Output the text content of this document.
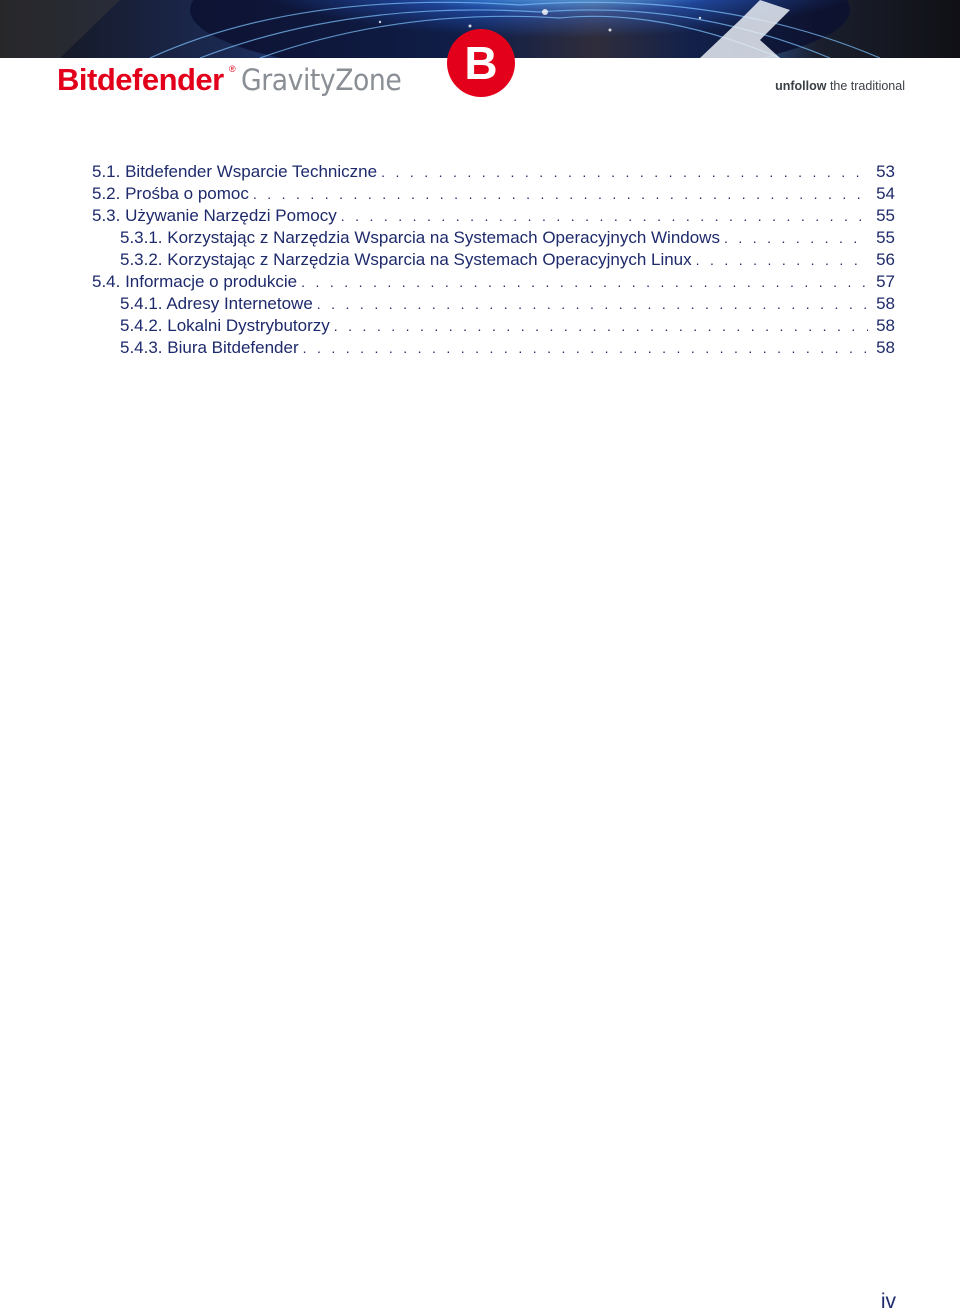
Bitdefender ® GravityZone B	unfollow the traditional
5.1. Bitdefender Wsparcie Techniczne . . .	53
5.2. Prośba o pomoc . . .	54
5.3. Używanie Narzędzi Pomocy . . .	55
5.3.1. Korzystając z Narzędzia Wsparcia na Systemach Operacyjnych Windows . . .	55
5.3.2. Korzystając z Narzędzia Wsparcia na Systemach Operacyjnych Linux . . .	56
5.4. Informacje o produkcie . . .	57
5.4.1. Adresy Internetowe . . .	58
5.4.2. Lokalni Dystrybutorzy . . .	58
5.4.3. Biura Bitdefender . . .	58
iv
